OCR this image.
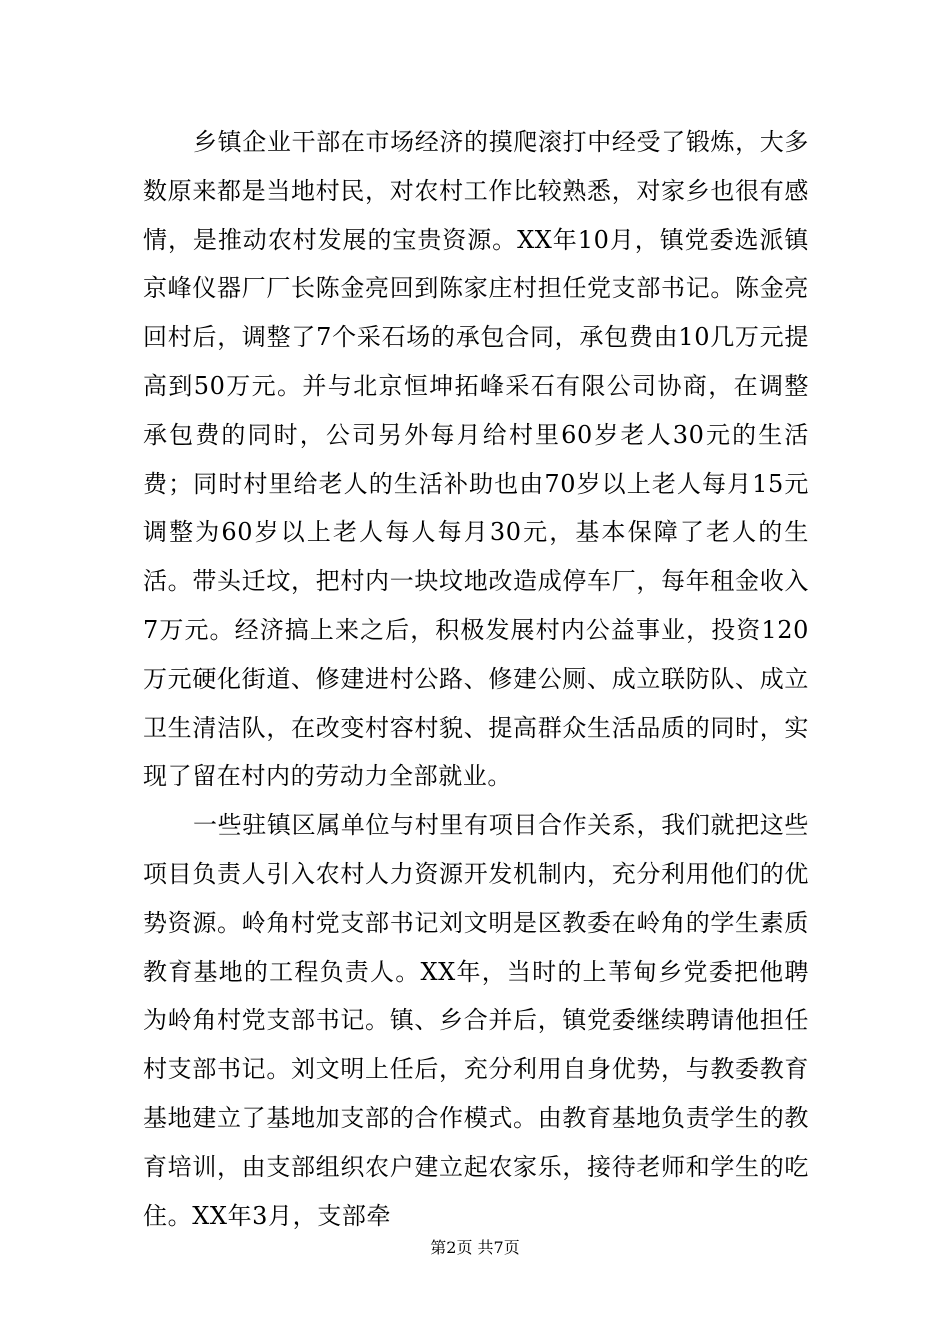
乡镇企业干部在市场经济的摸爬滚打中经受了锻炼，大多数原来都是当地村民，对农村工作比较熟悉，对家乡也很有感情，是推动农村发展的宝贵资源。XX年10月，镇党委选派镇京峰仪器厂厂长陈金亮回到陈家庄村担任党支部书记。陈金亮回村后，调整了7个采石场的承包合同，承包费由10几万元提高到50万元。并与北京恒坤拓峰采石有限公司协商，在调整承包费的同时，公司另外每月给村里60岁老人30元的生活费；同时村里给老人的生活补助也由70岁以上老人每月15元调整为60岁以上老人每人每月30元，基本保障了老人的生活。带头迁坟，把村内一块坟地改造成停车厂，每年租金收入7万元。经济搞上来之后，积极发展村内公益事业，投资120万元硬化街道、修建进村公路、修建公厕、成立联防队、成立卫生清洁队，在改变村容村貌、提高群众生活品质的同时，实现了留在村内的劳动力全部就业。

一些驻镇区属单位与村里有项目合作关系，我们就把这些项目负责人引入农村人力资源开发机制内，充分利用他们的优势资源。岭角村党支部书记刘文明是区教委在岭角的学生素质教育基地的工程负责人。XX年，当时的上苇甸乡党委把他聘为岭角村党支部书记。镇、乡合并后，镇党委继续聘请他担任村支部书记。刘文明上任后，充分利用自身优势，与教委教育基地建立了基地加支部的合作模式。由教育基地负责学生的教育培训，由支部组织农户建立起农家乐，接待老师和学生的吃住。XX年3月，支部牵

第2页 共7页
